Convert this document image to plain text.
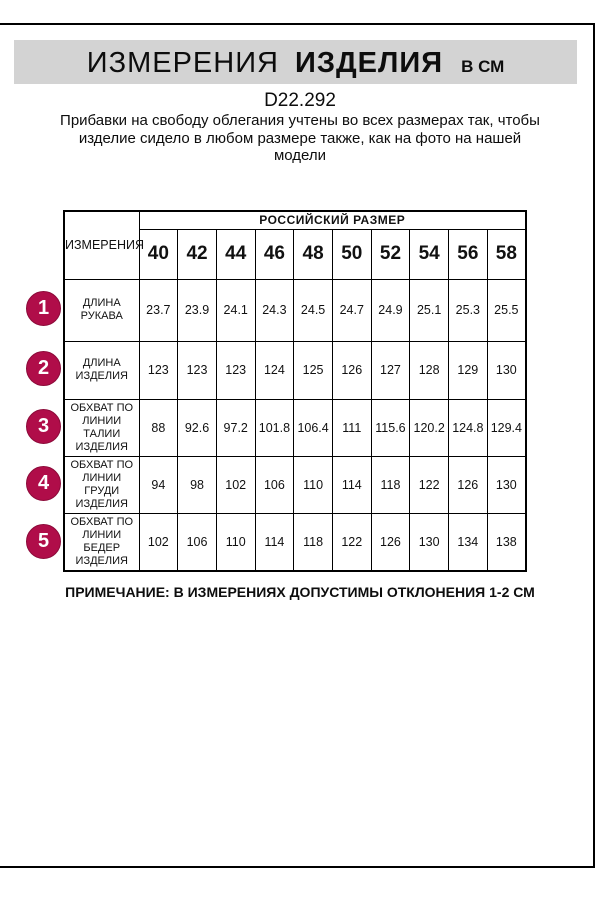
ИЗМЕРЕНИЯ ИЗДЕЛИЯ В СМ
D22.292
Прибавки на свободу облегания учтены во всех размерах так, чтобы изделие сидело в любом размере также, как на фото на нашей модели
ИЗМЕРЕНИЯ	РОССИЙСКИЙ РАЗМЕР									
	40	42	44	46	48	50	52	54	56	58
ДЛИНА РУКАВА	23.7	23.9	24.1	24.3	24.5	24.7	24.9	25.1	25.3	25.5
ДЛИНА ИЗДЕЛИЯ	123	123	123	124	125	126	127	128	129	130
ОБХВАТ ПО ЛИНИИ ТАЛИИ ИЗДЕЛИЯ	88	92.6	97.2	101.8	106.4	111	115.6	120.2	124.8	129.4
ОБХВАТ ПО ЛИНИИ ГРУДИ ИЗДЕЛИЯ	94	98	102	106	110	114	118	122	126	130
ОБХВАТ ПО ЛИНИИ БЕДЕР ИЗДЕЛИЯ	102	106	110	114	118	122	126	130	134	138
1
2
3
4
5
ПРИМЕЧАНИЕ: В ИЗМЕРЕНИЯХ ДОПУСТИМЫ ОТКЛОНЕНИЯ 1-2 СМ
